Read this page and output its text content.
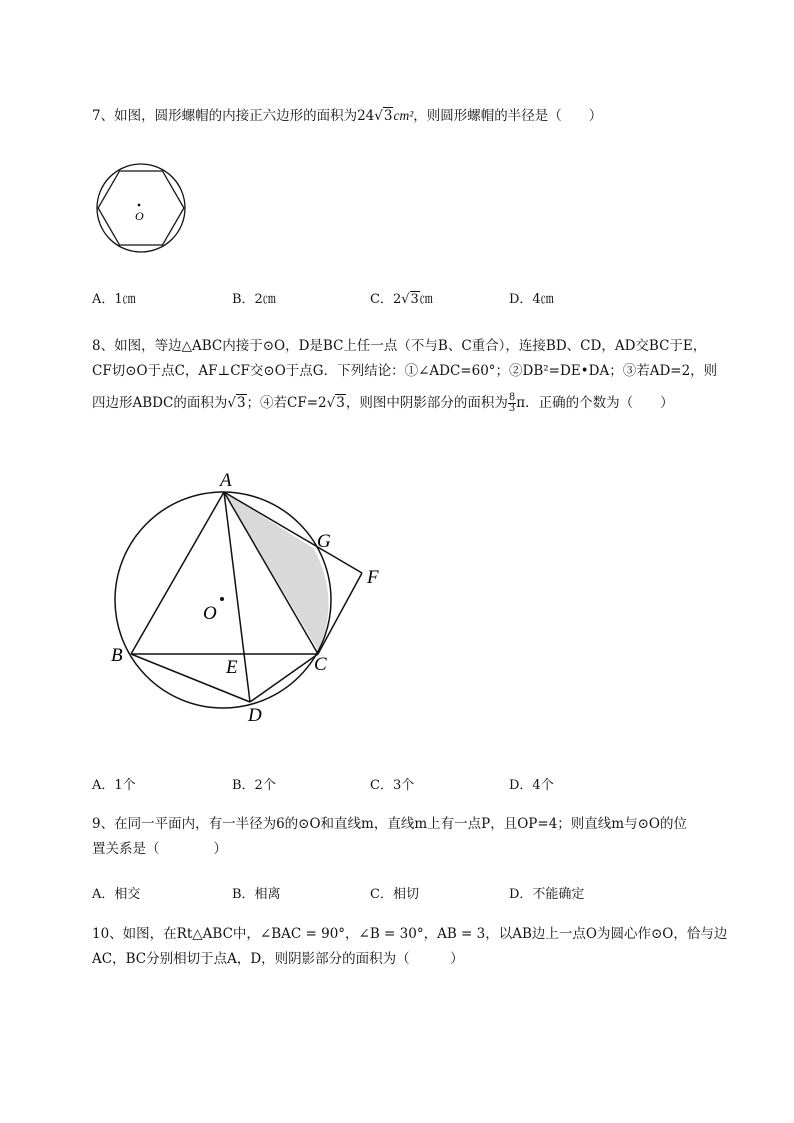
7、如图，圆形螺帽的内接正六边形的面积为24√3cm²，则圆形螺帽的半径是（　　）
O
A．1㎝	B．2㎝	C．2√3㎝	D．4㎝
8、如图，等边△ABC内接于⊙O，D是BC上任一点（不与B、C重合），连接BD、CD，AD交BC于E，
CF切⊙O于点C，AF⊥CF交⊙O于点G．下列结论：①∠ADC=60°；②DB²=DE•DA；③若AD=2，则
四边形ABDC的面积为√3；④若CF=2√3，则图中阴影部分的面积为 $\frac{8}{3}$ π．正确的个数为（　　）
A
G
F
O
B
E	C
D
A．1个	B．2个	C．3个	D．4个
9、在同一平面内，有一半径为6的⊙O和直线m，直线m上有一点P，且OP=4；则直线m与⊙O的位
置关系是（　　　　）
A．相交	B．相离	C．相切	D．不能确定
10、如图，在Rt△ABC中，∠BAC = 90°，∠B = 30°，AB = 3，以AB边上一点O为圆心作⊙O，恰与边
AC，BC分别相切于点A，D，则阴影部分的面积为（　　　）
